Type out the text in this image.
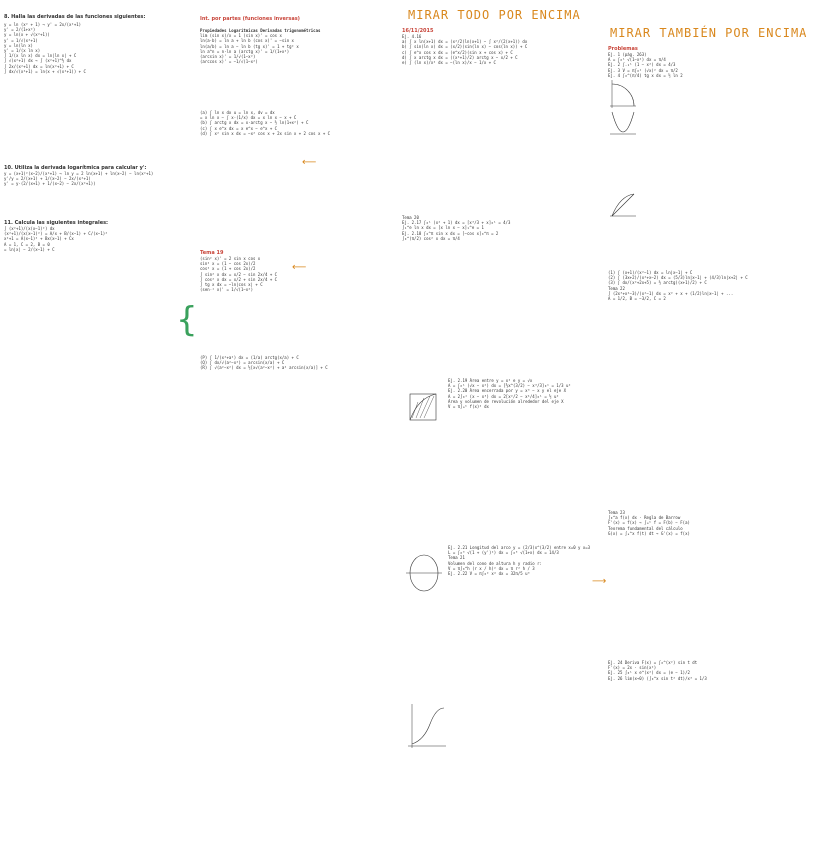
8. Halla las derivadas de las funciones siguientes:
y = ln (x² + 1) → y' = 2x/(x²+1)
y' = 2/(1+x²)
y = ln(x + √(x²+1))
y' = 1/√(x²+1)
y = ln(ln x)
y' = 1/(x ln x)
∫ 1/(x ln x) dx = ln|ln x| + C
∫ √(x²+1) dx → ∫ (x²+1)^½ dx
∫ 2x/(x²+1) dx = ln(x²+1) + C
∫ dx/√(x²+1) = ln(x + √(x²+1)) + C
10. Utiliza la derivada logarítmica para calcular y':
y = (x+1)²(x−2)/(x²+1) → ln y = 2 ln(x+1) + ln(x−2) − ln(x²+1)
y'/y = 2/(x+1) + 1/(x−2) − 2x/(x²+1)
y' = y·(2/(x+1) + 1/(x−2) − 2x/(x²+1))
11. Calcula las siguientes integrales:
∫ (x²+1)/(x(x−1)²) dx
(x²+1)/(x(x−1)²) = A/x + B/(x−1) + C/(x−1)²
x²+1 = A(x−1)² + Bx(x−1) + Cx
A = 1, C = 2, B = 0
= ln|x| − 2/(x−1) + C
Int. por partes (funciones inversas)
Propiedades Logarítmicas Derivadas trigonométricas
lim (sin x)/x = 1 (sin x)' = cos x
ln(a·b) = ln a + ln b (cos x)' = −sin x
ln(a/b) = ln a − ln b (tg x)' = 1 + tg² x
ln a^n = n·ln a (arctg x)' = 1/(1+x²)
(arcsin x)' = 1/√(1−x²)
(arccos x)' = −1/√(1−x²)
(a) ∫ ln x dx u = ln x, dv = dx
= x ln x − ∫ x·(1/x) dx = x ln x − x + C
(b) ∫ arctg x dx = x·arctg x − ½ ln(1+x²) + C
(c) ∫ x e^x dx = x e^x − e^x + C
(d) ∫ x² sin x dx = −x² cos x + 2x sin x + 2 cos x + C
⟵
Tema 19
(sin² x)' = 2 sin x cos x
sin² x = (1 − cos 2x)/2
cos² x = (1 + cos 2x)/2
∫ sin² x dx = x/2 − sin 2x/4 + C
∫ cos² x dx = x/2 + sin 2x/4 + C
∫ tg x dx = −ln|cos x| + C
(sen⁻¹ x)' = 1/√(1−x²)
⟵
{
(P) ∫ 1/(x²+a²) dx = (1/a) arctg(x/a) + C
(Q) ∫ dx/√(a²−x²) = arcsin(x/a) + C
(R) ∫ √(a²−x²) dx = ½[x√(a²−x²) + a² arcsin(x/a)] + C
MIRAR TODO POR ENCIMA
16/11/2015
Ej. 4.16
a) ∫ x ln(x+1) dx = (x²/2)ln(x+1) − ∫ x²/(2(x+1)) dx
b) ∫ sin(ln x) dx = (x/2)(sin(ln x) − cos(ln x)) + C
c) ∫ e^x cos x dx = (e^x/2)(sin x + cos x) + C
d) ∫ x arctg x dx = ((x²+1)/2) arctg x − x/2 + C
e) ∫ (ln x)/x² dx = −(ln x)/x − 1/x + C
Tema 20
Ej. 2.17 ∫₀¹ (x² + 1) dx = [x³/3 + x]₀¹ = 4/3
∫₁^e ln x dx = [x ln x − x]₁^e = 1
Ej. 2.18 ∫₀^π sin x dx = [−cos x]₀^π = 2
∫₀^(π/2) cos² x dx = π/4
Ej. 2.19 Área entre y = x² e y = √x
A = ∫₀¹ (√x − x²) dx = [⅔x^(3/2) − x³/3]₀¹ = 1/3 u²
Ej. 2.20 Área encerrada por y = x³ − x y el eje X
A = 2∫₀¹ (x − x³) dx = 2[x²/2 − x⁴/4]₀¹ = ½ u²
Área y volumen de revolución alrededor del eje X
V = π∫ₐᵇ f(x)² dx
Ej. 2.21 Longitud del arco y = (2/3)x^(3/2) entre x=0 y x=3
L = ∫₀³ √(1 + (y')²) dx = ∫₀³ √(1+x) dx = 14/3
Tema 21
Volumen del cono de altura h y radio r:
V = π∫₀^h (r x / h)² dx = π r² h / 3
Ej. 2.22 V = π∫₀² x⁴ dx = 32π/5 u³
MIRAR TAMBIÉN POR ENCIMA
Problemas
Ej. 1 (pág. 263)
A = ∫₀¹ √(1−x²) dx = π/4
Ej. 2 ∫₋₁¹ (1 − x²) dx = 4/3
Ej. 3 V = π∫₀¹ (√x)² dx = π/2
Ej. 4 ∫₀^(π/4) tg x dx = ½ ln 2
(1) ∫ (x+1)/(x²−1) dx = ln|x−1| + C
(2) ∫ (3x+2)/(x²+x−2) dx = (5/3)ln|x−1| + (4/3)ln|x+2| + C
(3) ∫ dx/(x²+2x+5) = ½ arctg((x+1)/2) + C
Tema 22
∫ (2x³+x²−3)/(x²−1) dx = x² + x + (1/2)ln|x−1| + ...
A = 1/2, B = −3/2, C = 2
Tema 23
∫₀^a f(x) dx · Regla de Barrow
F'(x) = f(x) → ∫ₐᵇ f = F(b) − F(a)
Teorema fundamental del cálculo
G(x) = ∫ₐ^x f(t) dt → G'(x) = f(x)
⟶
Ej. 24 Deriva F(x) = ∫₀^(x²) sin t dt
F'(x) = 2x · sin(x²)
Ej. 25 ∫₀¹ x e^(x²) dx = (e − 1)/2
Ej. 26 lim(x→0) (∫₀^x sin t² dt)/x³ = 1/3
